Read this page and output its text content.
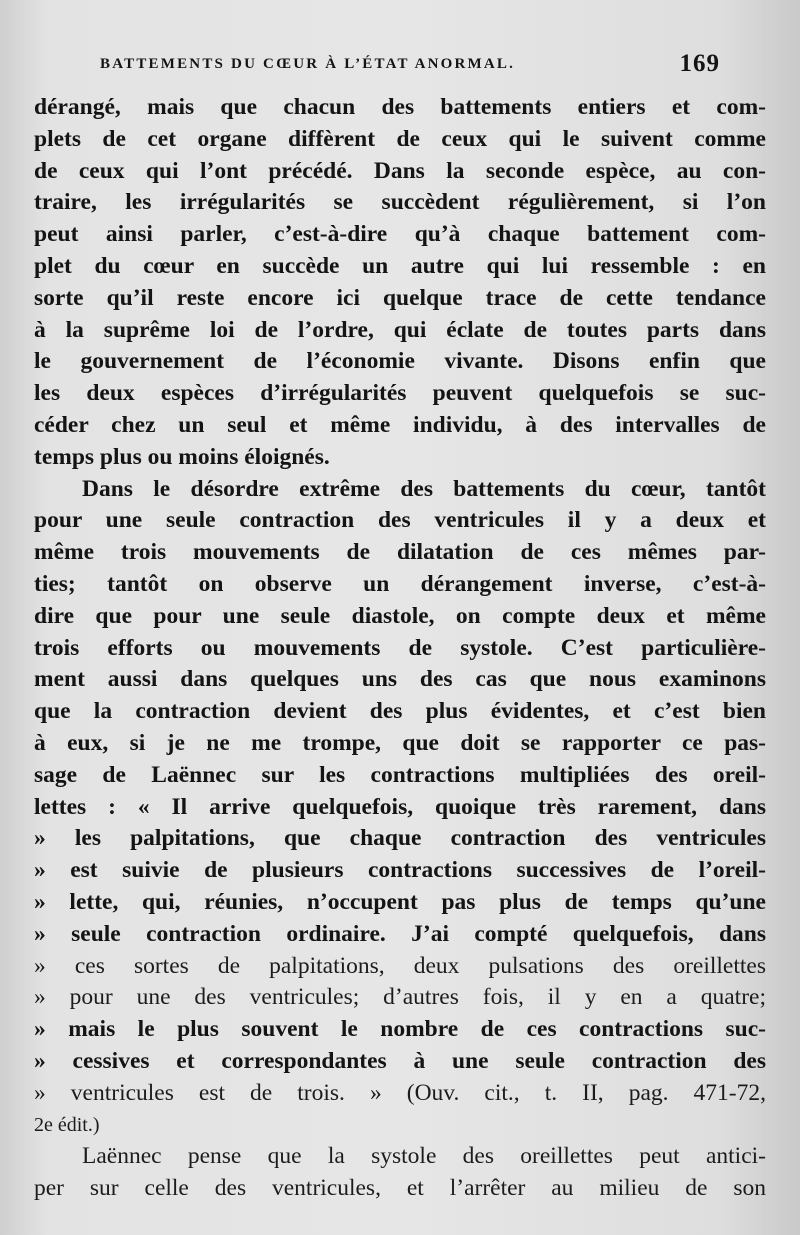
BATTEMENTS DU CŒUR À L’ÉTAT ANORMAL.	169
dérangé, mais que chacun des battements entiers et com-
plets de cet organe diffèrent de ceux qui le suivent comme
de ceux qui l’ont précédé. Dans la seconde espèce, au con-
traire, les irrégularités se succèdent régulièrement, si l’on
peut ainsi parler, c’est-à-dire qu’à chaque battement com-
plet du cœur en succède un autre qui lui ressemble : en
sorte qu’il reste encore ici quelque trace de cette tendance
à la suprême loi de l’ordre, qui éclate de toutes parts dans
le gouvernement de l’économie vivante. Disons enfin que
les deux espèces d’irrégularités peuvent quelquefois se suc-
céder chez un seul et même individu, à des intervalles de
temps plus ou moins éloignés.
Dans le désordre extrême des battements du cœur, tantôt
pour une seule contraction des ventricules il y a deux et
même trois mouvements de dilatation de ces mêmes par-
ties; tantôt on observe un dérangement inverse, c’est-à-
dire que pour une seule diastole, on compte deux et même
trois efforts ou mouvements de systole. C’est particulière-
ment aussi dans quelques uns des cas que nous examinons
que la contraction devient des plus évidentes, et c’est bien
à eux, si je ne me trompe, que doit se rapporter ce pas-
sage de Laënnec sur les contractions multipliées des oreil-
lettes : « Il arrive quelquefois, quoique très rarement, dans
» les palpitations, que chaque contraction des ventricules
» est suivie de plusieurs contractions successives de l’oreil-
» lette, qui, réunies, n’occupent pas plus de temps qu’une
» seule contraction ordinaire. J’ai compté quelquefois, dans
» ces sortes de palpitations, deux pulsations des oreillettes
» pour une des ventricules; d’autres fois, il y en a quatre;
» mais le plus souvent le nombre de ces contractions suc-
» cessives et correspondantes à une seule contraction des
» ventricules est de trois. » (Ouv. cit., t. II, pag. 471-72,
2e édit.)
Laënnec pense que la systole des oreillettes peut antici-
per sur celle des ventricules, et l’arrêter au milieu de son
